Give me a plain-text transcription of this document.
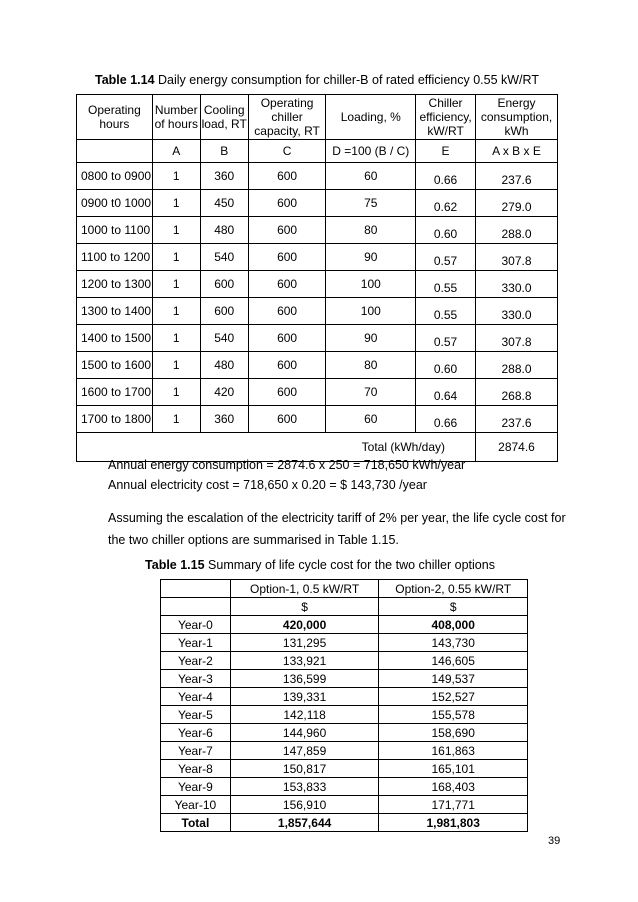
Table 1.14 Daily energy consumption for chiller-B of rated efficiency 0.55 kW/RT
Operating hours	Number of hours	Cooling load, RT	Operating chiller capacity, RT	Loading, %	Chiller efficiency, kW/RT	Energy consumption, kWh
	A	B	C	D =100 (B / C)	E	A x B x E
0800 to 0900	1	360	600	60	0.66	237.6
0900 t0 1000	1	450	600	75	0.62	279.0
1000 to 1100	1	480	600	80	0.60	288.0
1100 to 1200	1	540	600	90	0.57	307.8
1200 to 1300	1	600	600	100	0.55	330.0
1300 to 1400	1	600	600	100	0.55	330.0
1400 to 1500	1	540	600	90	0.57	307.8
1500 to 1600	1	480	600	80	0.60	288.0
1600 to 1700	1	420	600	70	0.64	268.8
1700 to 1800	1	360	600	60	0.66	237.6
Total (kWh/day)						2874.6
Annual energy consumption = 2874.6 x 250 = 718,650 kWh/year
Annual electricity cost = 718,650 x 0.20 = $ 143,730 /year
Assuming the escalation of the electricity tariff of 2% per year, the life cycle cost for the two chiller options are summarised in Table 1.15.
Table 1.15 Summary of life cycle cost for the two chiller options
	Option-1, 0.5 kW/RT	Option-2, 0.55 kW/RT
	$	$
Year-0	420,000	408,000
Year-1	131,295	143,730
Year-2	133,921	146,605
Year-3	136,599	149,537
Year-4	139,331	152,527
Year-5	142,118	155,578
Year-6	144,960	158,690
Year-7	147,859	161,863
Year-8	150,817	165,101
Year-9	153,833	168,403
Year-10	156,910	171,771
Total	1,857,644	1,981,803
39
